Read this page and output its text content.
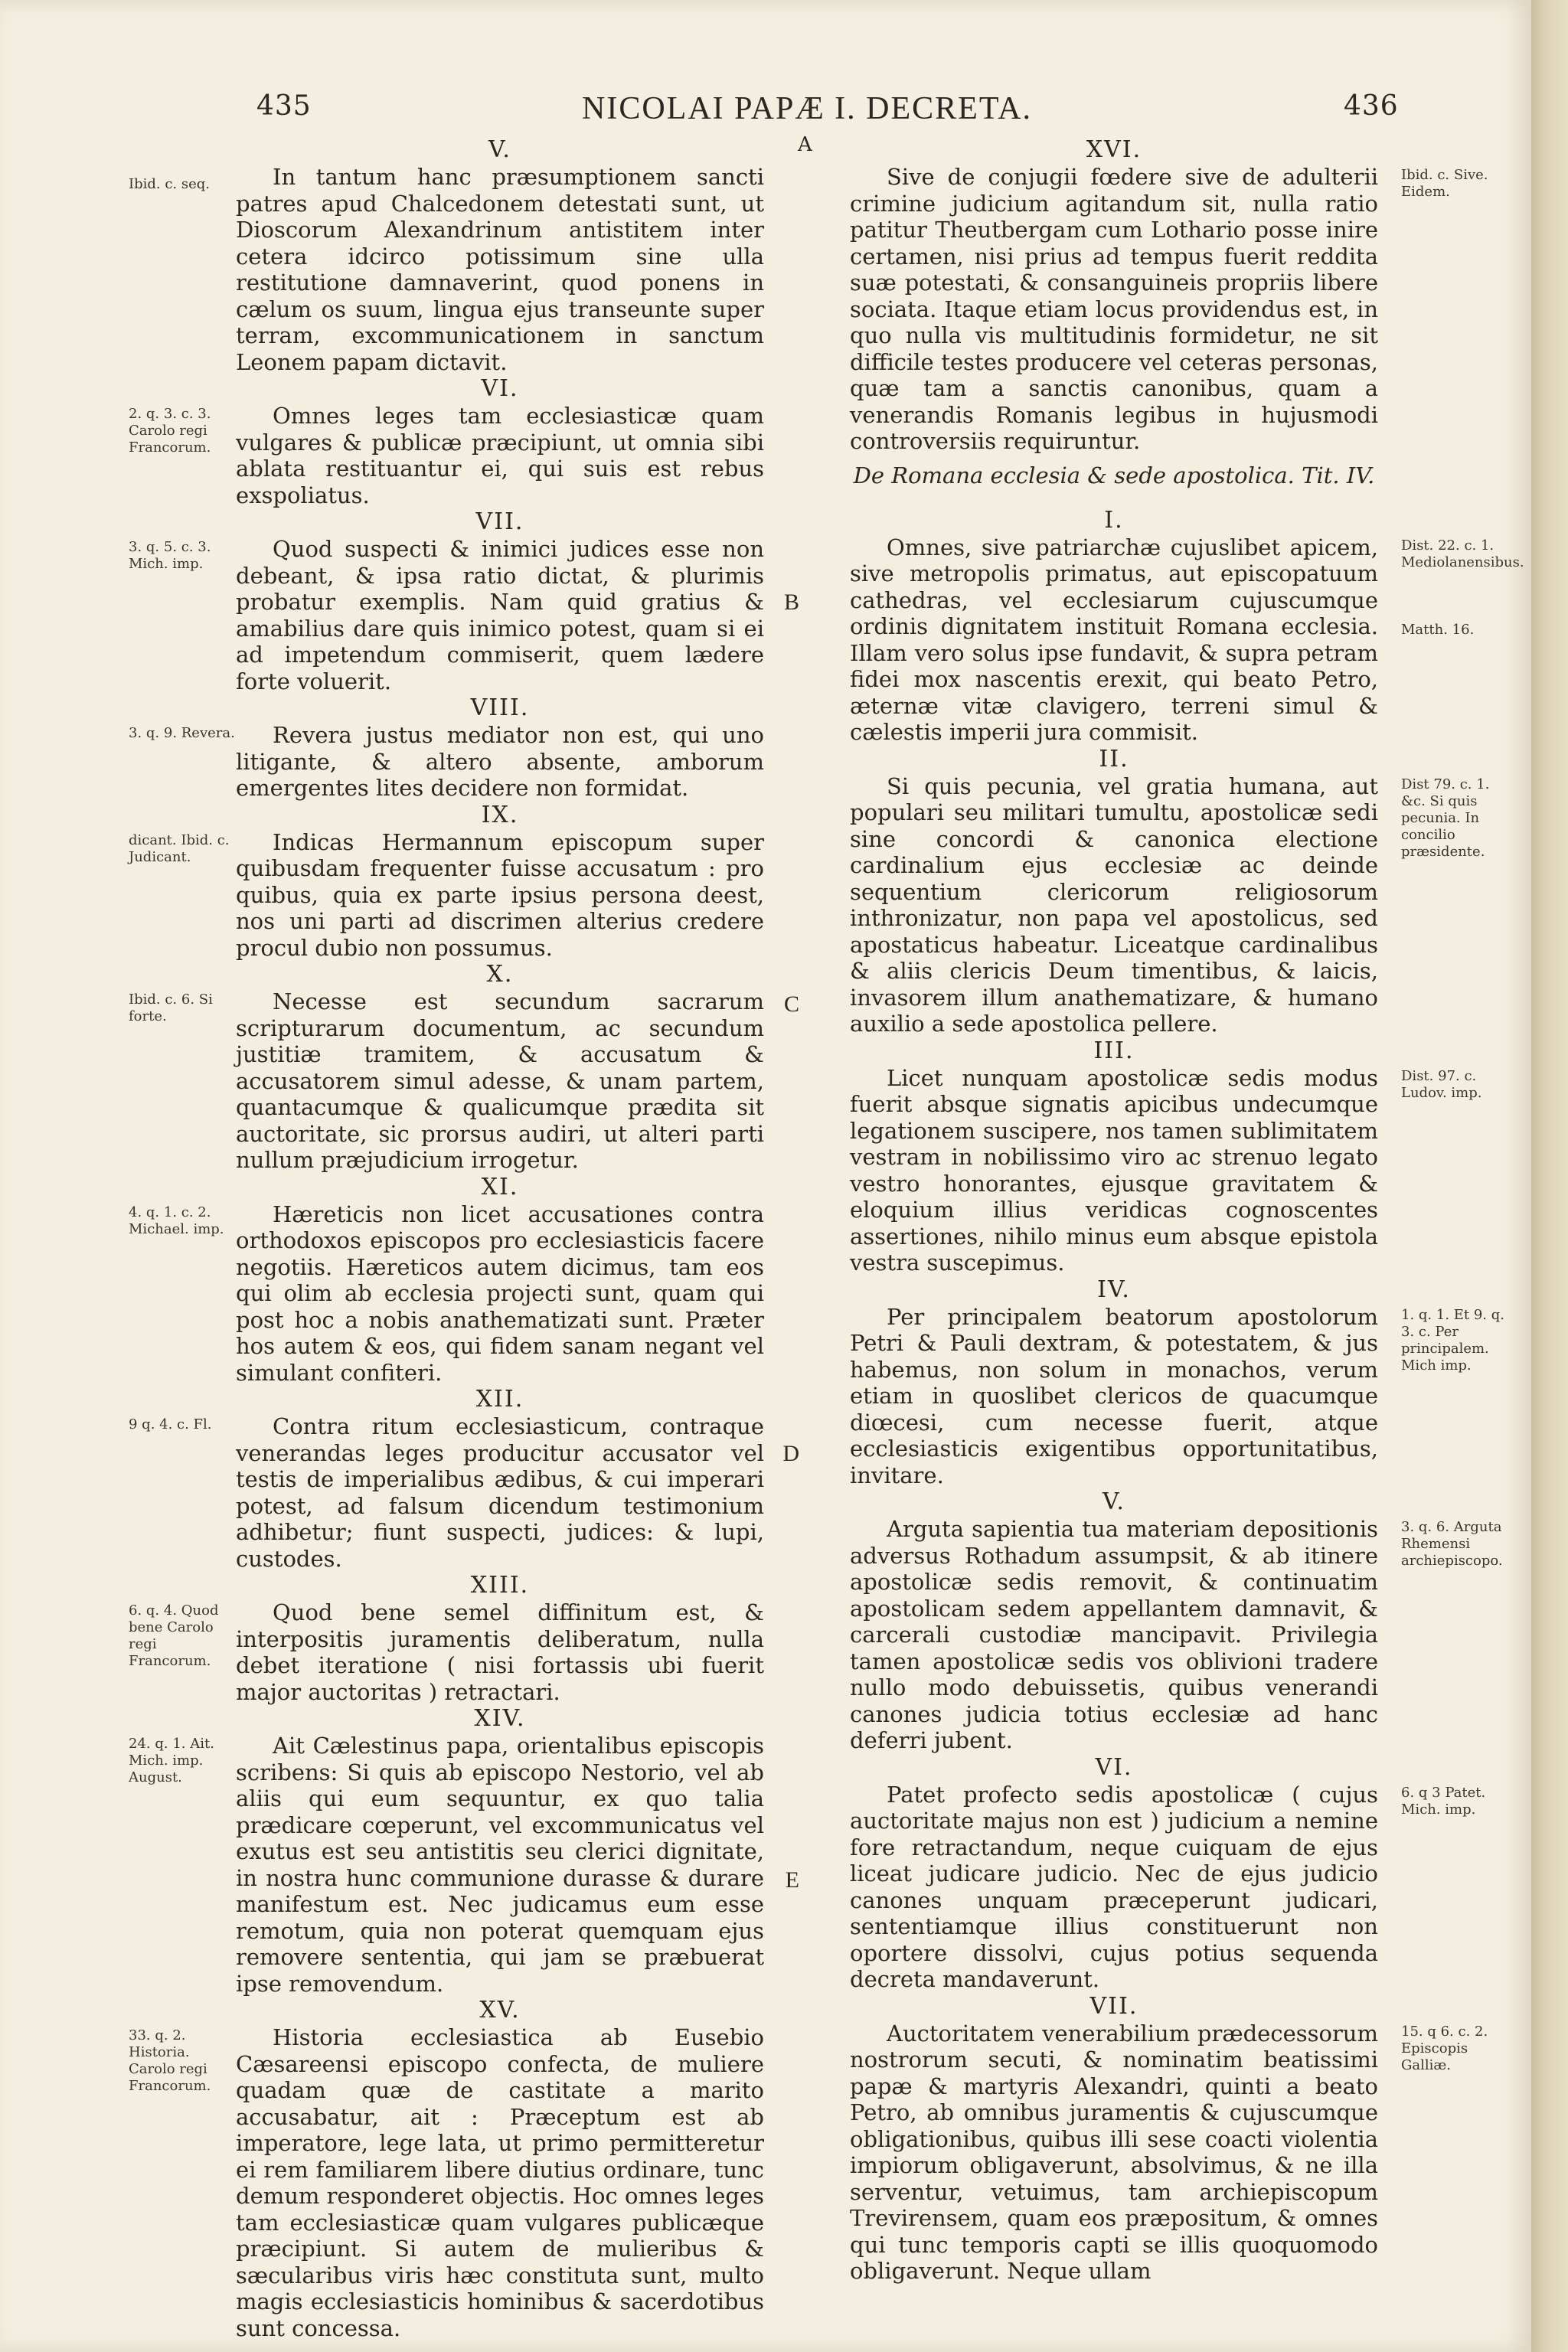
435	NICOLAI PAPÆ I. DECRETA.	436
A

V.

Ibid. c. seq.	In tantum hanc præsumptionem sancti patres apud Chalcedonem detestati sunt, ut Dioscorum Alexandrinum antistitem inter cetera idcirco potissimum sine ulla restitutione damnaverint, quod ponens in cælum os suum, lingua ejus transeunte super terram, excommunicationem in sanctum Leonem papam dictavit.

VI.

2. q. 3. c. 3. Carolo regi Francorum.

Omnes leges tam ecclesiasticæ quam vulgares & publicæ præcipiunt, ut omnia sibi ablata restituantur ei, qui suis est rebus exspoliatus.

VII.

3. q. 5. c. 3. Mich. imp.
B

Quod suspecti & inimici judices esse non debeant, & ipsa ratio dictat, & plurimis probatur exemplis. Nam quid gratius & amabilius dare quis inimico potest, quam si ei ad impetendum commiserit, quem lædere forte voluerit.

VIII.

3. q. 9. Revera.	Revera justus mediator non est, qui uno litigante, & altero absente, amborum emergentes lites decidere non formidat.

IX.

dicant. Ibid. c. Judicant.

Indicas Hermannum episcopum super quibusdam frequenter fuisse accusatum : pro quibus, quia ex parte ipsius persona deest, nos uni parti ad discrimen alterius credere procul dubio non possumus.

X.

Ibid. c. 6. Si forte.	C

Necesse est secundum sacrarum scripturarum documentum, ac secundum justitiæ tramitem, & accusatum & accusatorem simul adesse, & unam partem, quantacumque & qualicumque prædita sit auctoritate, sic prorsus audiri, ut alteri parti nullum præjudicium irrogetur.

XI.

4. q. 1. c. 2. Michael. imp.

Hæreticis non licet accusationes contra orthodoxos episcopos pro ecclesiasticis facere negotiis. Hæreticos autem dicimus, tam eos qui olim ab ecclesia projecti sunt, quam qui post hoc a nobis anathematizati sunt. Præter hos autem & eos, qui fidem sanam negant vel simulant confiteri.

XII.

9 q. 4. c. Fl.
D

Contra ritum ecclesiasticum, contraque venerandas leges producitur accusator vel testis de imperialibus ædibus, & cui imperari potest, ad falsum dicendum testimonium adhibetur; fiunt suspecti, judices: & lupi, custodes.

XIII.

6. q. 4. Quod bene Carolo regi Francorum.

Quod bene semel diffinitum est, & interpositis juramentis deliberatum, nulla debet iteratione ( nisi fortassis ubi fuerit major auctoritas ) retractari.

XIV.

24. q. 1. Ait. Mich. imp. August.
E

Ait Cælestinus papa, orientalibus episcopis scribens: Si quis ab episcopo Nestorio, vel ab aliis qui eum sequuntur, ex quo talia prædicare cœperunt, vel excommunicatus vel exutus est seu antistitis seu clerici dignitate, in nostra hunc communione durasse & durare manifestum est. Nec judicamus eum esse remotum, quia non poterat quemquam ejus removere sententia, qui jam se præbuerat ipse removendum.

XV.

33. q. 2. Historia. Carolo regi Francorum.

Historia ecclesiastica ab Eusebio Cæsareensi episcopo confecta, de muliere quadam quæ de castitate a marito accusabatur, ait : Præceptum est ab imperatore, lege lata, ut primo permitteretur ei rem familiarem libere diutius ordinare, tunc demum responderet objectis. Hoc omnes leges tam ecclesiasticæ quam vulgares publicæque præcipiunt. Si autem de mulieribus & sæcularibus viris hæc constituta sunt, multo magis ecclesiasticis hominibus & sacerdotibus sunt concessa.

XVI.

Ibid. c. Sive. Eidem.

Sive de conjugii fœdere sive de adulterii crimine judicium agitandum sit, nulla ratio patitur Theutbergam cum Lothario posse inire certamen, nisi prius ad tempus fuerit reddita suæ potestati, & consanguineis propriis libere sociata. Itaque etiam locus providendus est, in quo nulla vis multitudinis formidetur, ne sit difficile testes producere vel ceteras personas, quæ tam a sanctis canonibus, quam a venerandis Romanis legibus in hujusmodi controversiis requiruntur.

De Romana ecclesia & sede apostolica. Tit. IV.

I.

Dist. 22. c. 1. Mediolanensibus.
Matth. 16.

Omnes, sive patriarchæ cujuslibet apicem, sive metropolis primatus, aut episcopatuum cathedras, vel ecclesiarum cujuscumque ordinis dignitatem instituit Romana ecclesia. Illam vero solus ipse fundavit, & supra petram fidei mox nascentis erexit, qui beato Petro, æternæ vitæ clavigero, terreni simul & cælestis imperii jura commisit.

II.

Dist 79. c. 1. &c. Si quis pecunia. In concilio præsidente.

Si quis pecunia, vel gratia humana, aut populari seu militari tumultu, apostolicæ sedi sine concordi & canonica electione cardinalium ejus ecclesiæ ac deinde sequentium clericorum religiosorum inthronizatur, non papa vel apostolicus, sed apostaticus habeatur. Liceatque cardinalibus & aliis clericis Deum timentibus, & laicis, invasorem illum anathematizare, & humano auxilio a sede apostolica pellere.

III.

Dist. 97. c. Ludov. imp.

Licet nunquam apostolicæ sedis modus fuerit absque signatis apicibus undecumque legationem suscipere, nos tamen sublimitatem vestram in nobilissimo viro ac strenuo legato vestro honorantes, ejusque gravitatem & eloquium illius veridicas cognoscentes assertiones, nihilo minus eum absque epistola vestra suscepimus.

IV.

1. q. 1. Et 9. q. 3. c. Per principalem. Mich imp.

Per principalem beatorum apostolorum Petri & Pauli dextram, & potestatem, & jus habemus, non solum in monachos, verum etiam in quoslibet clericos de quacumque diœcesi, cum necesse fuerit, atque ecclesiasticis exigentibus opportunitatibus, invitare.

V.

3. q. 6. Arguta Rhemensi archiepiscopo.

Arguta sapientia tua materiam depositionis adversus Rothadum assumpsit, & ab itinere apostolicæ sedis removit, & continuatim apostolicam sedem appellantem damnavit, & carcerali custodiæ mancipavit. Privilegia tamen apostolicæ sedis vos oblivioni tradere nullo modo debuissetis, quibus venerandi canones judicia totius ecclesiæ ad hanc deferri jubent.

VI.

6. q 3 Patet. Mich. imp.

Patet profecto sedis apostolicæ ( cujus auctoritate majus non est ) judicium a nemine fore retractandum, neque cuiquam de ejus liceat judicare judicio. Nec de ejus judicio canones unquam præceperunt judicari, sententiamque illius constituerunt non oportere dissolvi, cujus potius sequenda decreta mandaverunt.

VII.

15. q 6. c. 2. Episcopis Galliæ.

Auctoritatem venerabilium prædecessorum nostrorum secuti, & nominatim beatissimi papæ & martyris Alexandri, quinti a beato Petro, ab omnibus juramentis & cujuscumque obligationibus, quibus illi sese coacti violentia impiorum obligaverunt, absolvimus, & ne illa serventur, vetuimus, tam archiepiscopum Trevirensem, quam eos præpositum, & omnes qui tunc temporis capti se illis quoquomodo obligaverunt. Neque ullam
